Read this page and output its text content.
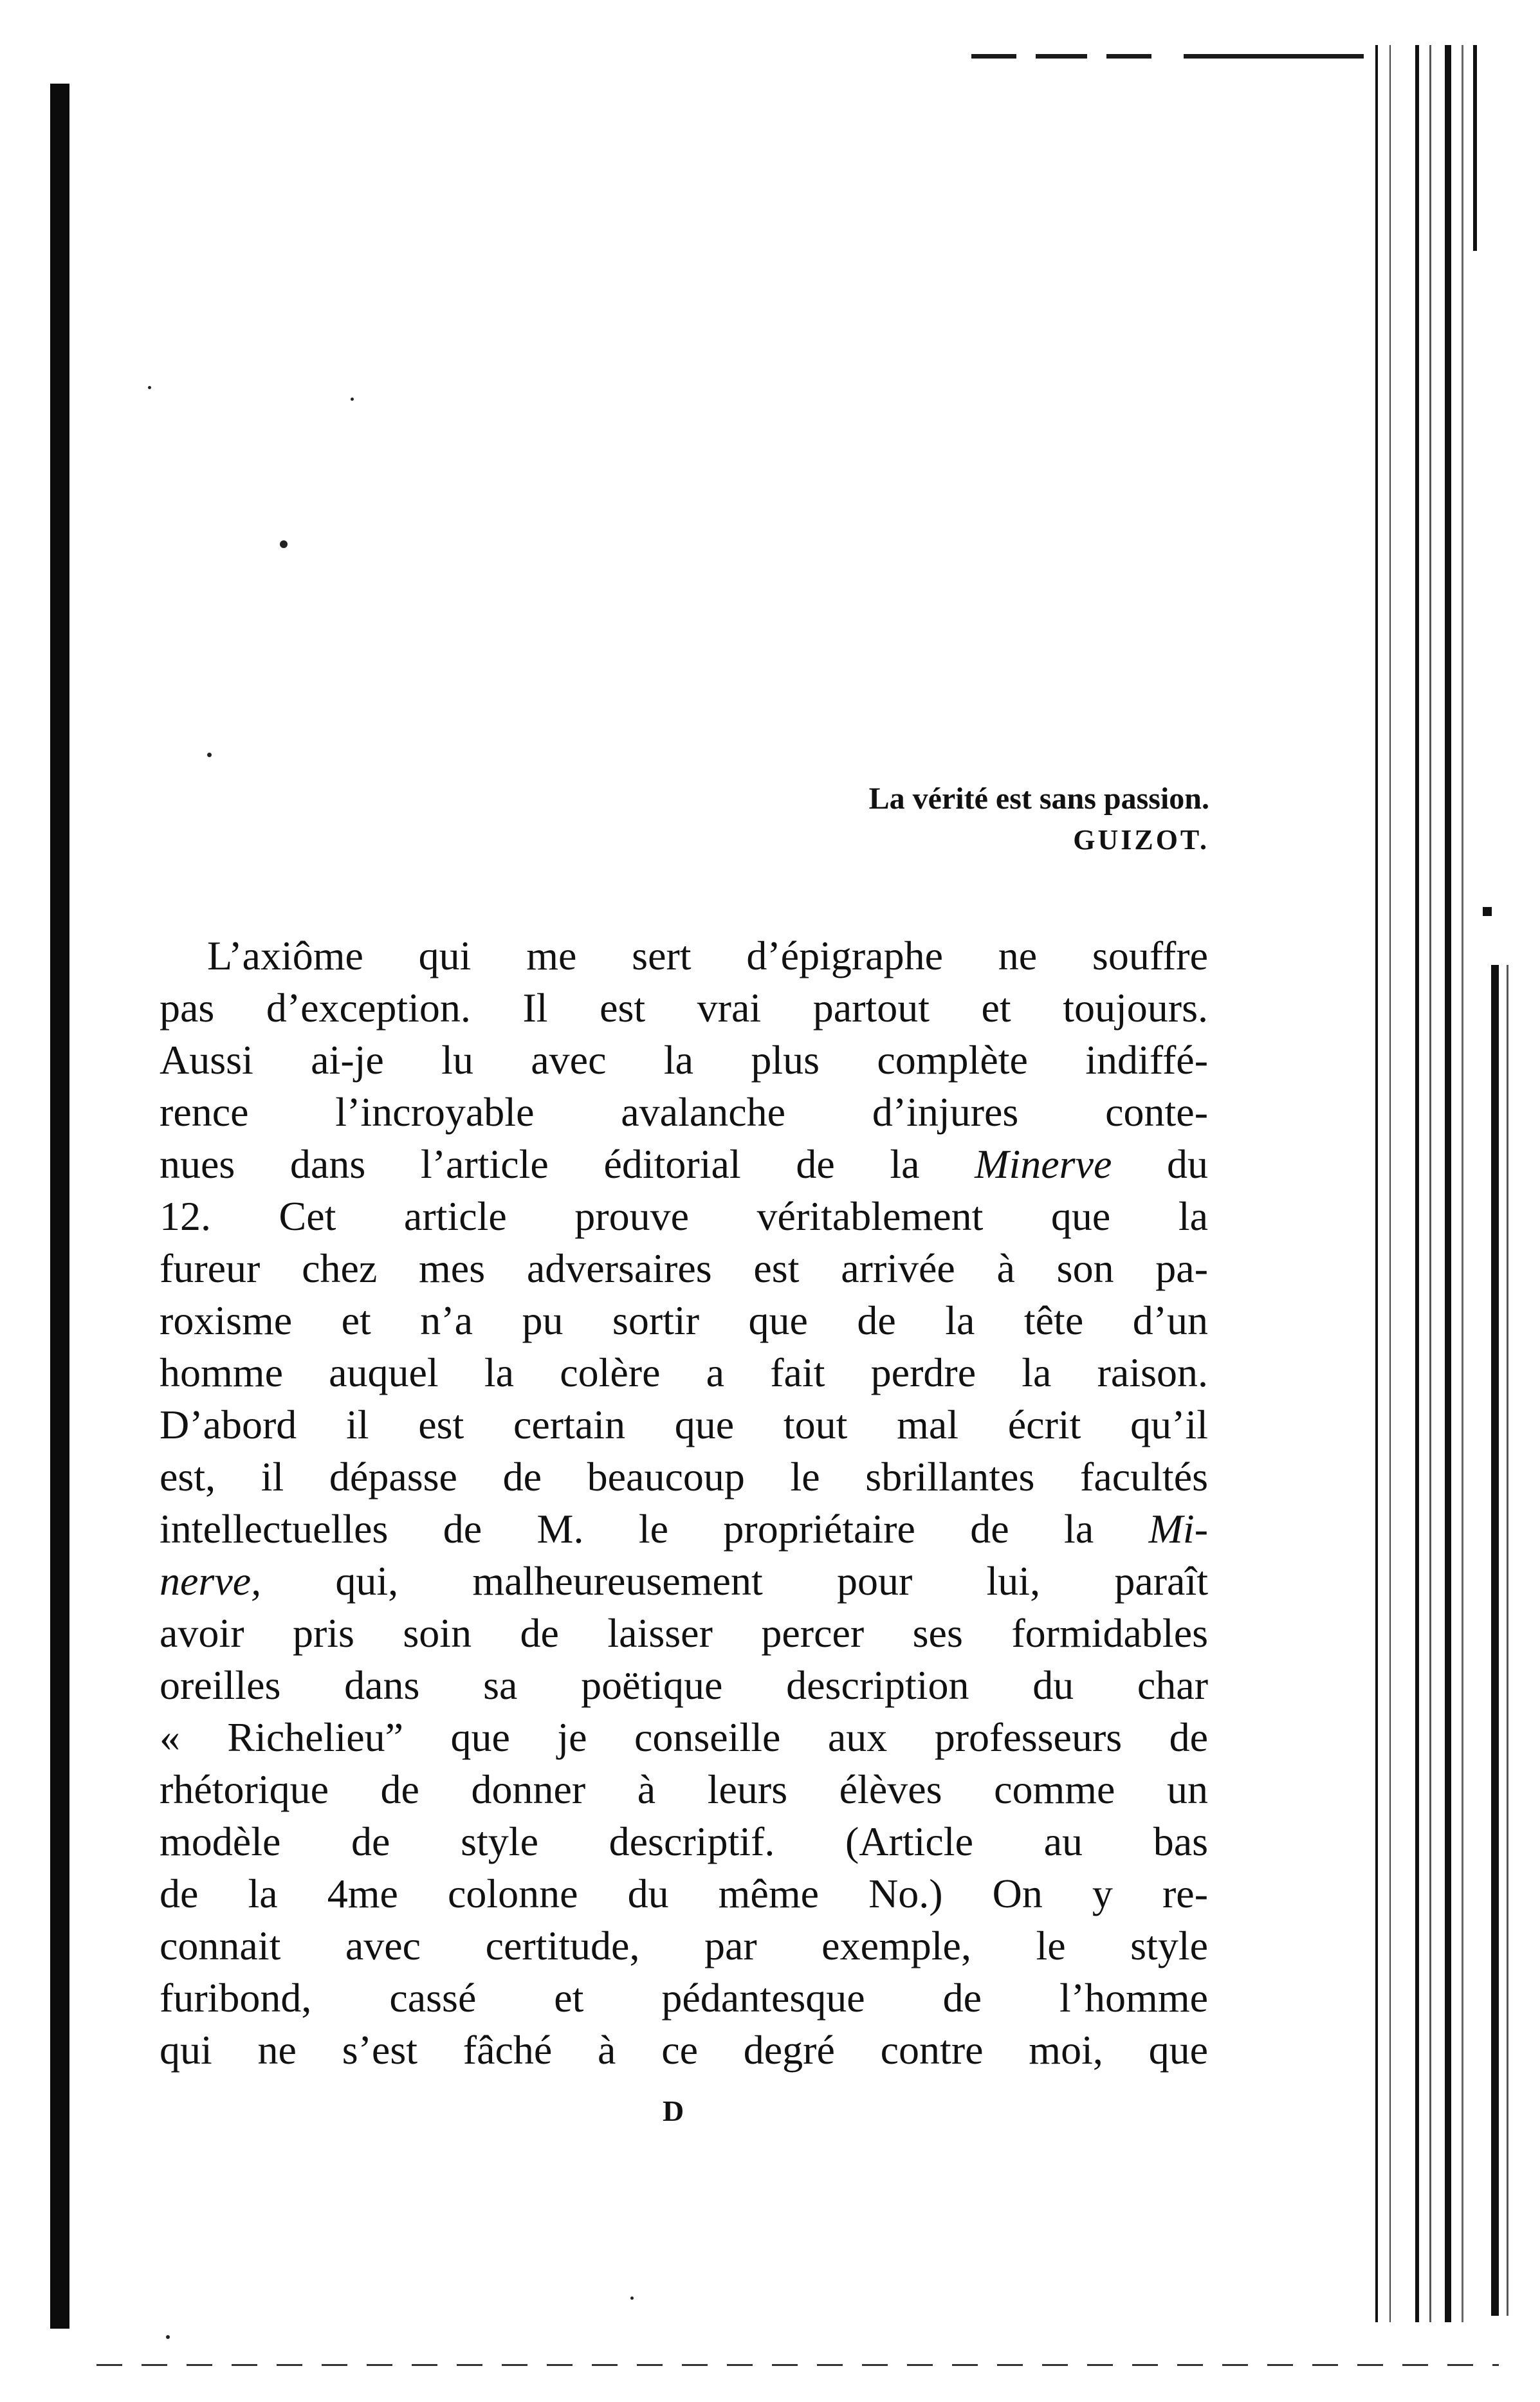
La vérité est sans passion.
GUIZOT.
L’axiôme qui me sert d’épigraphe ne souffre
pas d’exception. Il est vrai partout et toujours.
Aussi ai-je lu avec la plus complète indiffé-
rence l’incroyable avalanche d’injures conte-
nues dans l’article éditorial de la Minerve du
12. Cet article prouve véritablement que la
fureur chez mes adversaires est arrivée à son pa-
roxisme et n’a pu sortir que de la tête d’un
homme auquel la colère a fait perdre la raison.
D’abord il est certain que tout mal écrit qu’il
est, il dépasse de beaucoup le sbrillantes facultés
intellectuelles de M. le propriétaire de la Mi-
nerve, qui, malheureusement pour lui, paraît
avoir pris soin de laisser percer ses formidables
oreilles dans sa poëtique description du char
« Richelieu” que je conseille aux professeurs de
rhétorique de donner à leurs élèves comme un
modèle de style descriptif. (Article au bas
de la 4me colonne du même No.) On y re-
connait avec certitude, par exemple, le style
furibond, cassé et pédantesque de l’homme
qui ne s’est fâché à ce degré contre moi, que
D
